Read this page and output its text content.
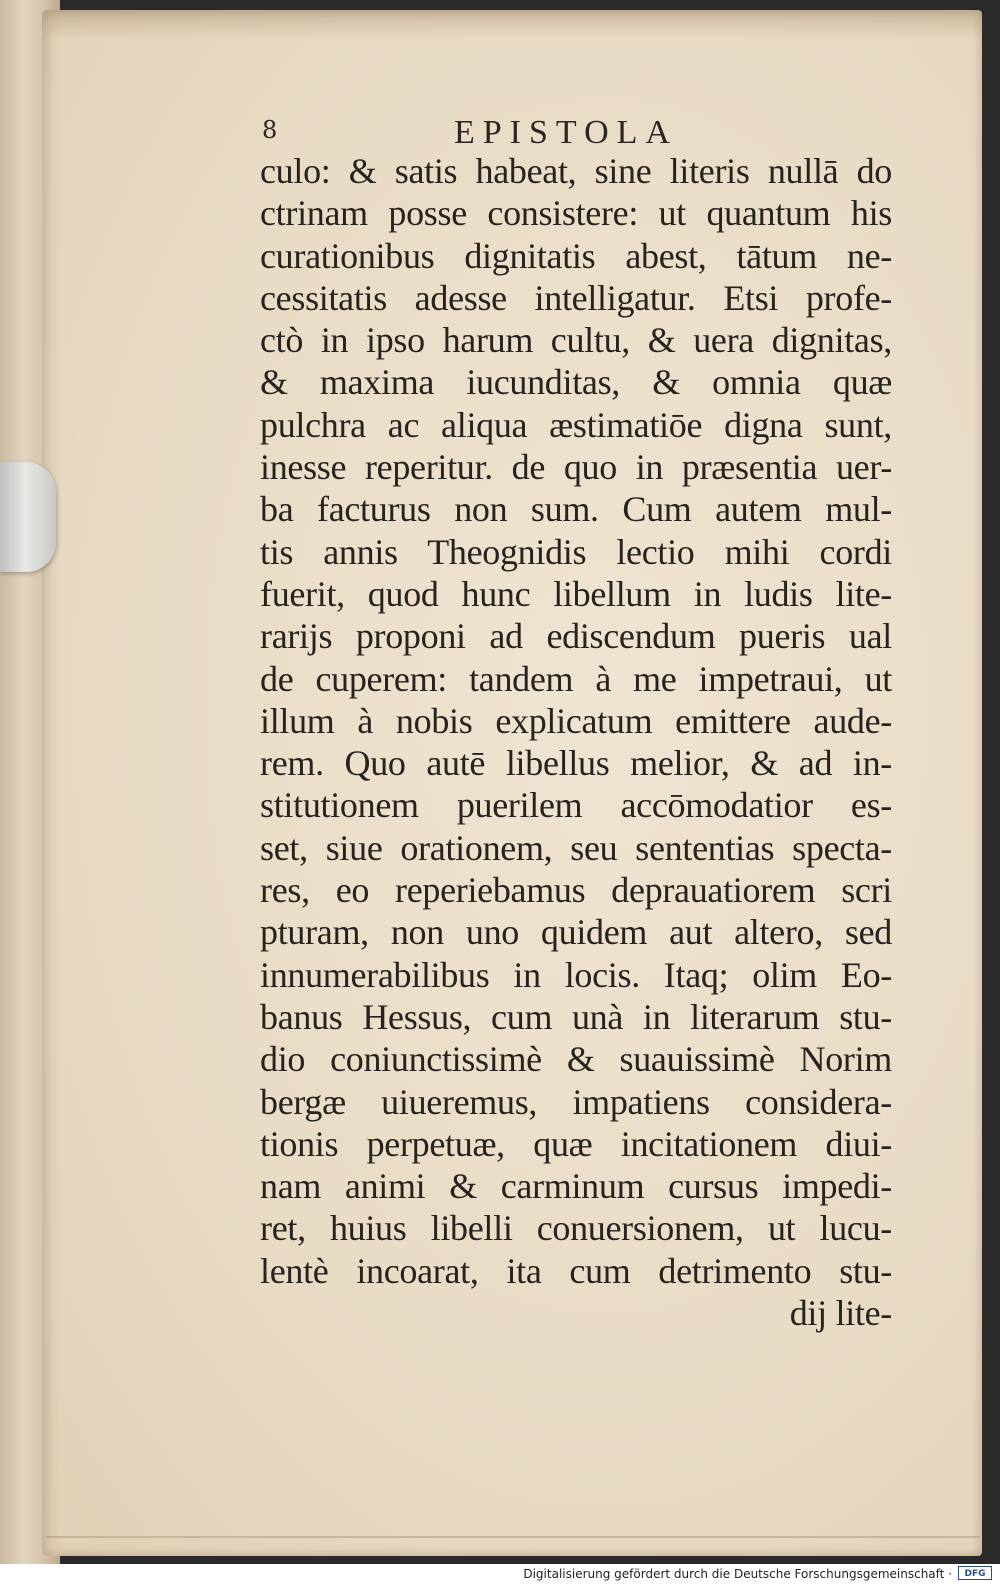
8	EPISTOLA
culo: & satis habeat, sine literis nullā do
ctrinam posse consistere: ut quantum his
curationibus dignitatis abest, tātum ne-
cessitatis adesse intelligatur. Etsi profe-
ctò in ipso harum cultu, & uera dignitas,
& maxima iucunditas, & omnia quæ
pulchra ac aliqua æstimatiōe digna sunt,
inesse reperitur. de quo in præsentia uer-
ba facturus non sum. Cum autem mul-
tis annis Theognidis lectio mihi cordi
fuerit, quod hunc libellum in ludis lite-
rarijs proponi ad ediscendum pueris ual
de cuperem: tandem à me impetraui, ut
illum à nobis explicatum emittere aude-
rem. Quo autē libellus melior, & ad in-
stitutionem puerilem accōmodatior es-
set, siue orationem, seu sententias specta-
res, eo reperiebamus deprauatiorem scri
pturam, non uno quidem aut altero, sed
innumerabilibus in locis. Itaq; olim Eo-
banus Hessus, cum unà in literarum stu-
dio coniunctissimè & suauissimè Norim
bergæ uiueremus, impatiens considera-
tionis perpetuæ, quæ incitationem diui-
nam animi & carminum cursus impedi-
ret, huius libelli conuersionem, ut lucu-
lentè incoarat, ita cum detrimento stu-
dij lite-
Digitalisierung gefördert durch die Deutsche Forschungsgemeinschaft ·	DFG
